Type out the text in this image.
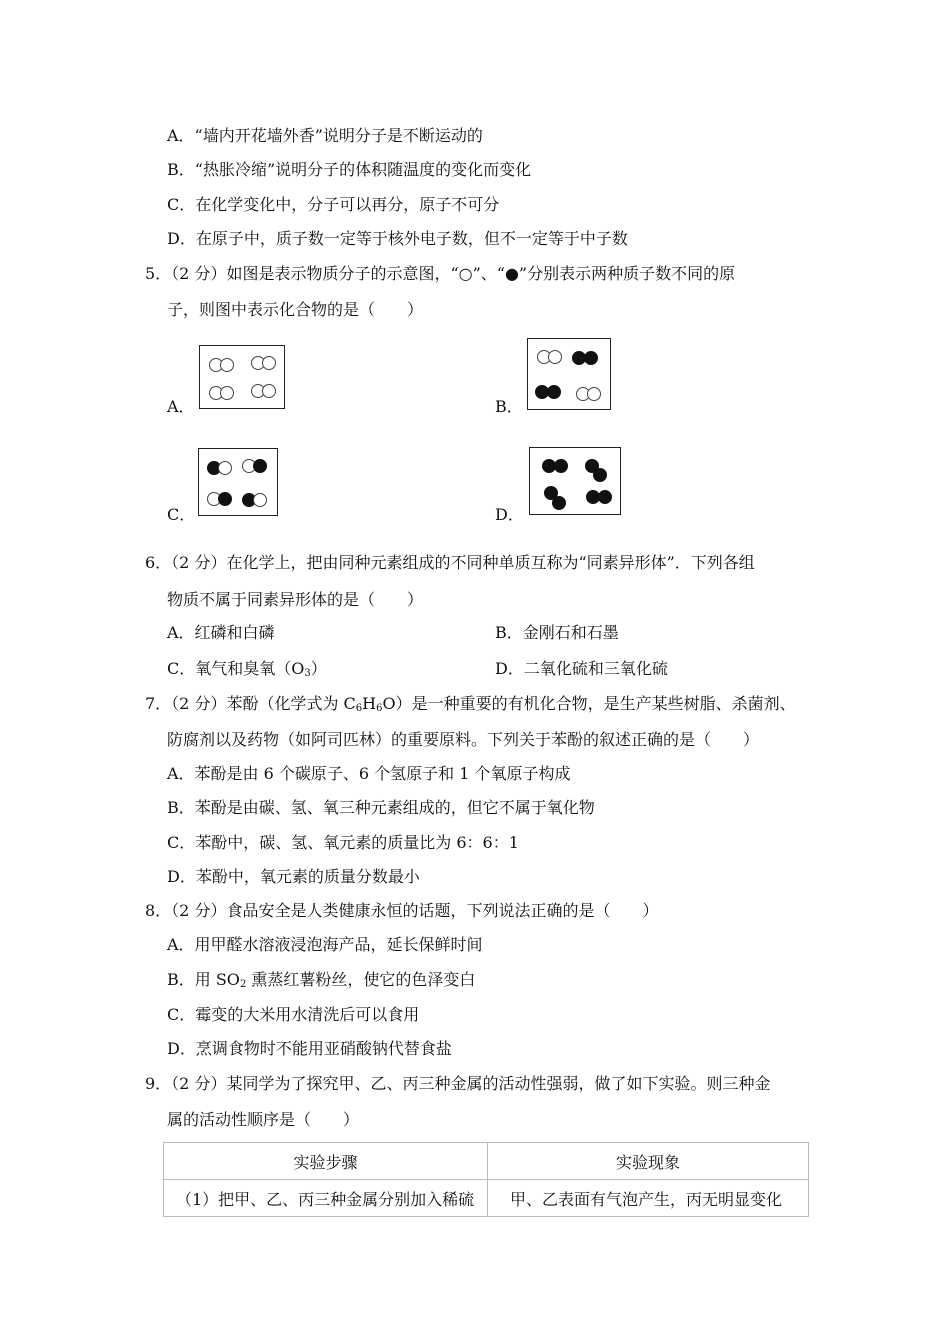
A．“墙内开花墙外香”说明分子是不断运动的
B．“热胀冷缩”说明分子的体积随温度的变化而变化
C．在化学变化中，分子可以再分，原子不可分
D．在原子中，质子数一定等于核外电子数，但不一定等于中子数
5．（2 分）如图是表示物质分子的示意图，“○”、“●”分别表示两种质子数不同的原
子，则图中表示化合物的是（　　）
A．	B．
C．	D．
6．（2 分）在化学上，把由同种元素组成的不同种单质互称为“同素异形体”．下列各组
物质不属于同素异形体的是（　　）
A．红磷和白磷	B．金刚石和石墨
C．氧气和臭氧$(O_3)$	D．二氧化硫和三氧化硫
7．（2 分）苯酚（化学式为 $C_6H_6O$）是一种重要的有机化合物，是生产某些树脂、杀菌剂、
防腐剂以及药物（如阿司匹林）的重要原料。下列关于苯酚的叙述正确的是（　　）
A．苯酚是由 6 个碳原子、6 个氢原子和 1 个氧原子构成
B．苯酚是由碳、氢、氧三种元素组成的，但它不属于氧化物
C．苯酚中，碳、氢、氧元素的质量比为 6：6：1
D．苯酚中，氧元素的质量分数最小
8．（2 分）食品安全是人类健康永恒的话题，下列说法正确的是（　　）
A．用甲醛水溶液浸泡海产品，延长保鲜时间
B．用 $SO_2$ 熏蒸红薯粉丝，使它的色泽变白
C．霉变的大米用水清洗后可以食用
D．烹调食物时不能用亚硝酸钠代替食盐
9．（2 分）某同学为了探究甲、乙、丙三种金属的活动性强弱，做了如下实验。则三种金
属的活动性顺序是（　　）
实验步骤	实验现象
（1）把甲、乙、丙三种金属分别加入稀硫	甲、乙表面有气泡产生，丙无明显变化
